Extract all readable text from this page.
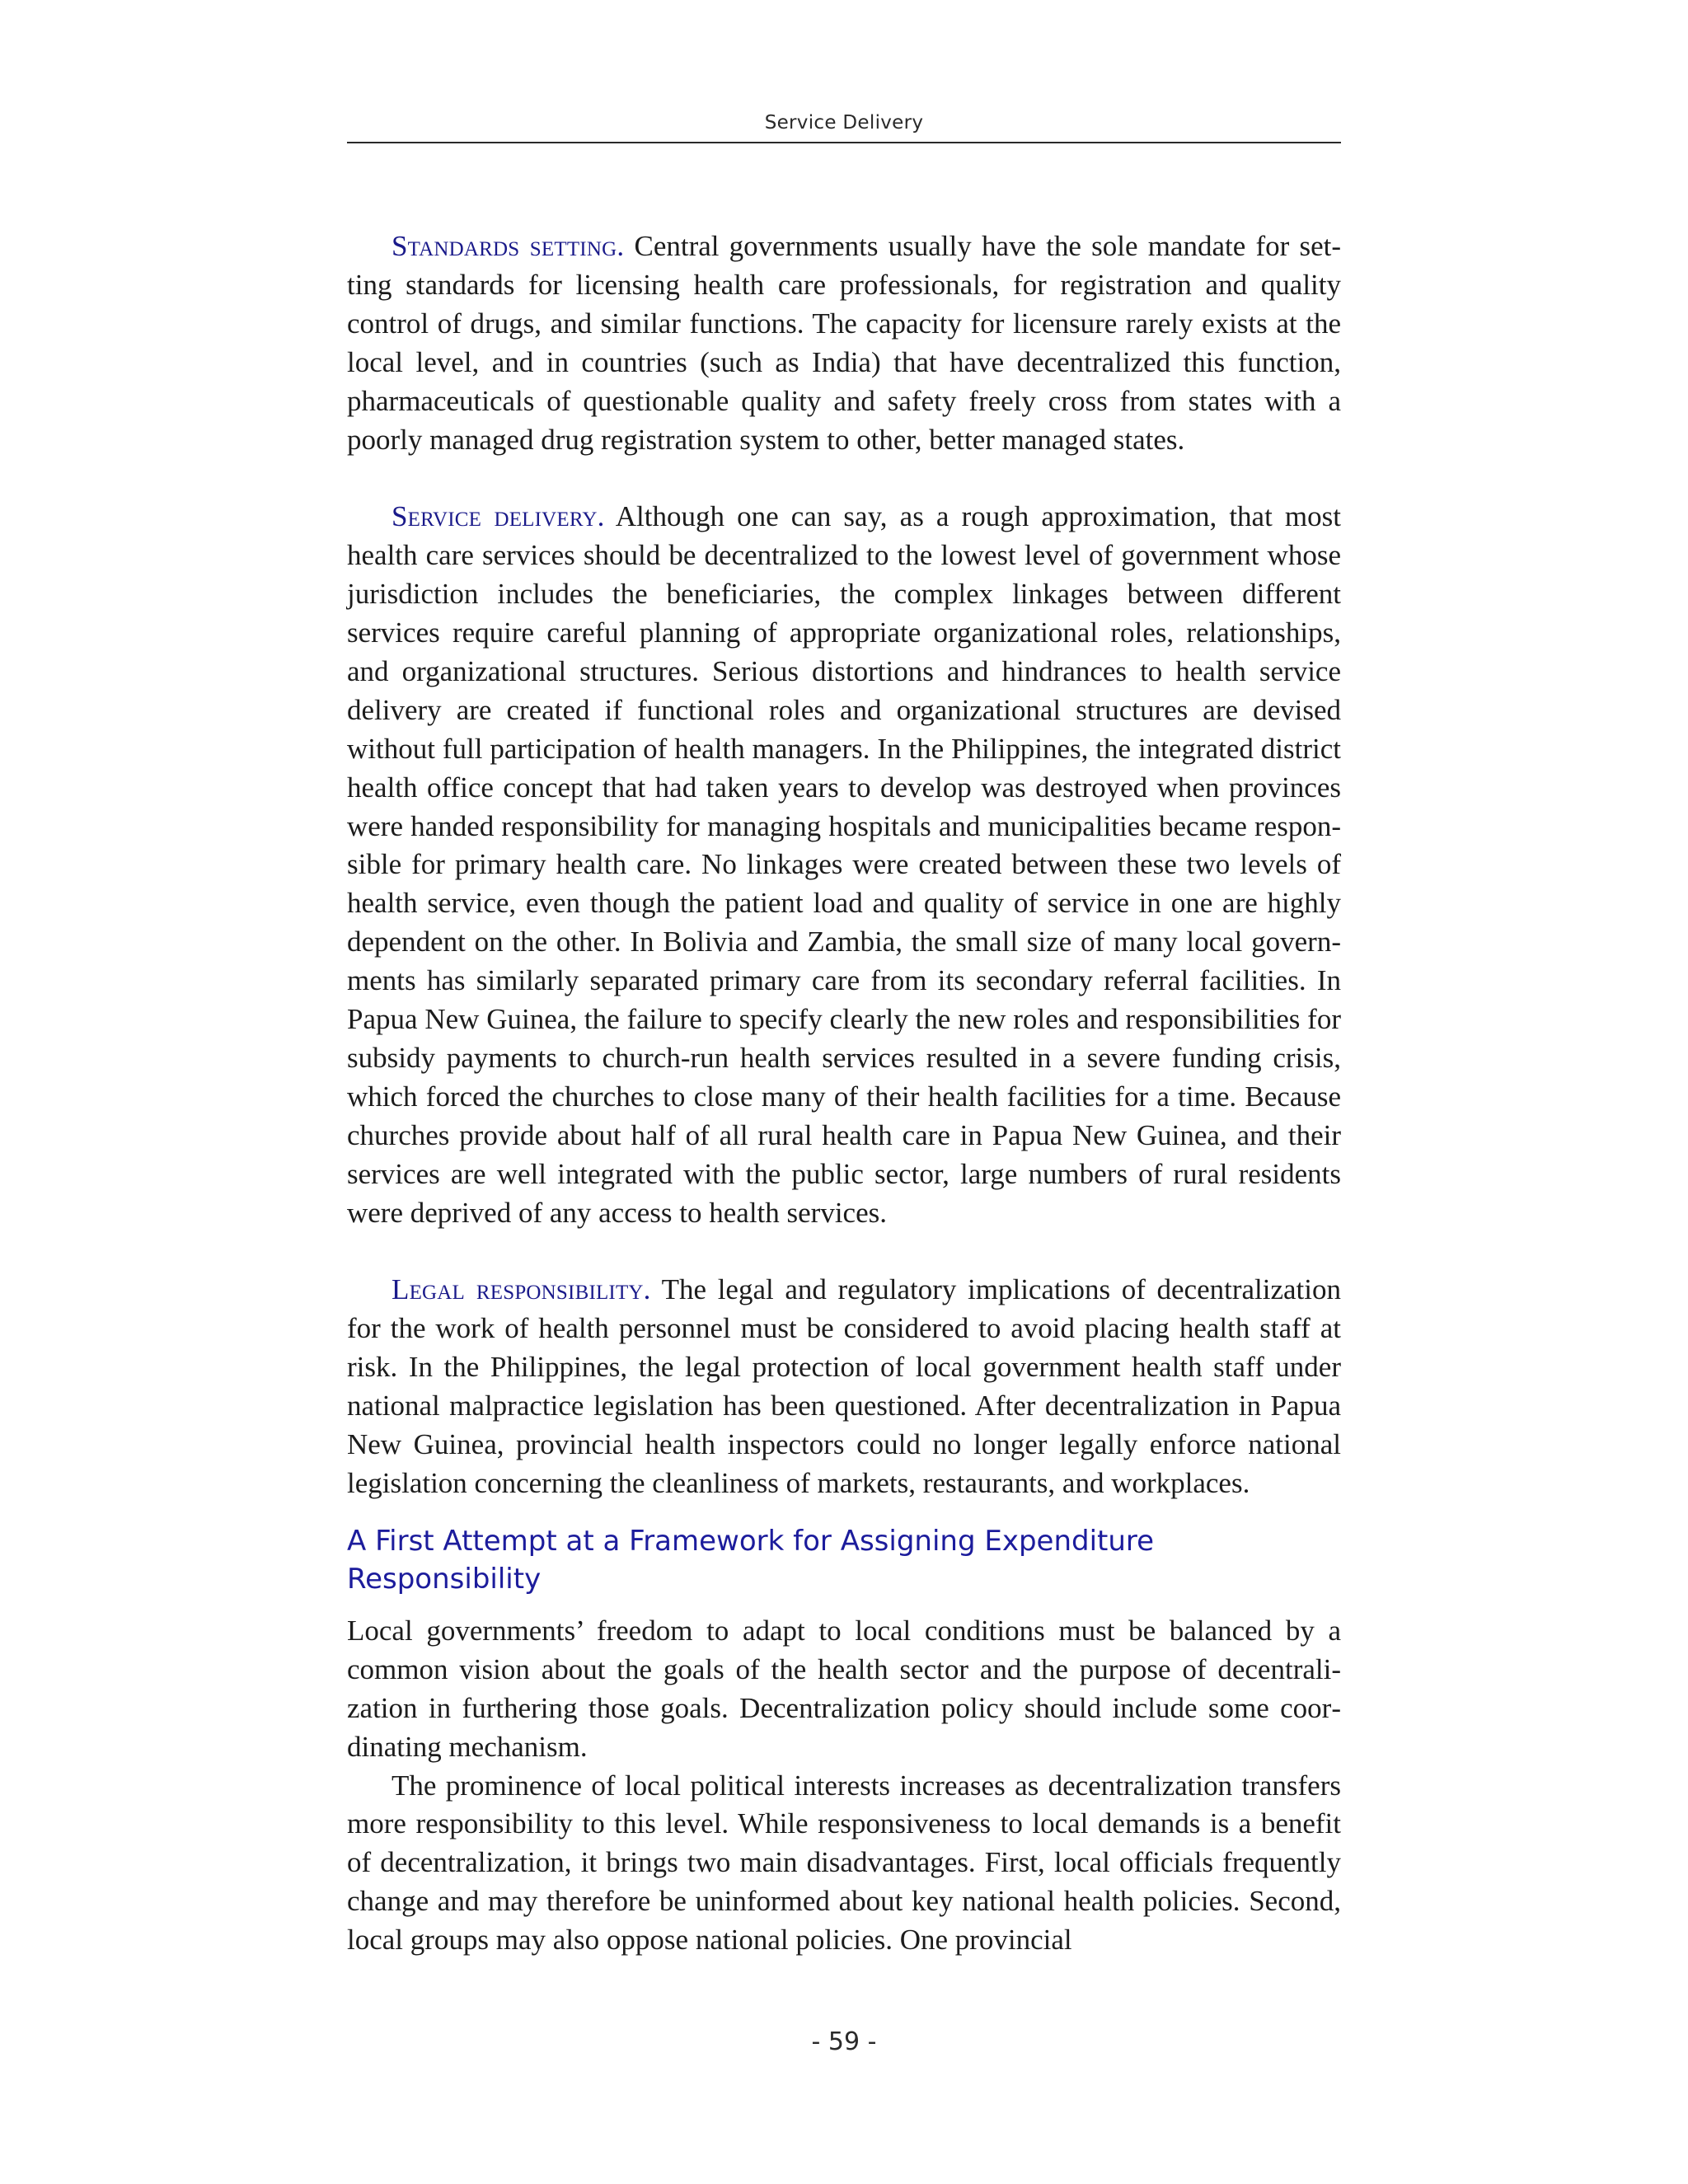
Service Delivery

Standards setting. Central governments usually have the sole mandate for setting standards for licensing health care professionals, for registration and quality control of drugs, and similar functions. The capacity for licensure rarely exists at the local level, and in countries (such as India) that have decentralized this function, pharmaceuticals of questionable quality and safety freely cross from states with a poorly managed drug registration system to other, better managed states.

Service delivery. Although one can say, as a rough approximation, that most health care services should be decentralized to the lowest level of government whose jurisdiction includes the beneficiaries, the complex linkages between different services require careful planning of appropriate organizational roles, relationships, and organizational structures. Serious distortions and hindrances to health service delivery are created if functional roles and organizational structures are devised without full participation of health managers. In the Philippines, the integrated district health office concept that had taken years to develop was destroyed when provinces were handed responsibility for managing hospitals and municipalities became responsible for primary health care. No linkages were created between these two levels of health service, even though the patient load and quality of service in one are highly dependent on the other. In Bolivia and Zambia, the small size of many local governments has similarly separated primary care from its secondary referral facilities. In Papua New Guinea, the failure to specify clearly the new roles and responsibilities for subsidy payments to church-run health services resulted in a severe funding crisis, which forced the churches to close many of their health facilities for a time. Because churches provide about half of all rural health care in Papua New Guinea, and their services are well integrated with the public sector, large numbers of rural residents were deprived of any access to health services.

Legal responsibility. The legal and regulatory implications of decentralization for the work of health personnel must be considered to avoid placing health staff at risk. In the Philippines, the legal protection of local government health staff under national malpractice legislation has been questioned. After decentralization in Papua New Guinea, provincial health inspectors could no longer legally enforce national legislation concerning the cleanliness of markets, restaurants, and workplaces.

A First Attempt at a Framework for Assigning Expenditure Responsibility

Local governments’ freedom to adapt to local conditions must be balanced by a common vision about the goals of the health sector and the purpose of decentralization in furthering those goals. Decentralization policy should include some coordinating mechanism.

The prominence of local political interests increases as decentralization transfers more responsibility to this level. While responsiveness to local demands is a benefit of decentralization, it brings two main disadvantages. First, local officials frequently change and may therefore be uninformed about key national health policies. Second, local groups may also oppose national policies. One provincial

- 59 -
